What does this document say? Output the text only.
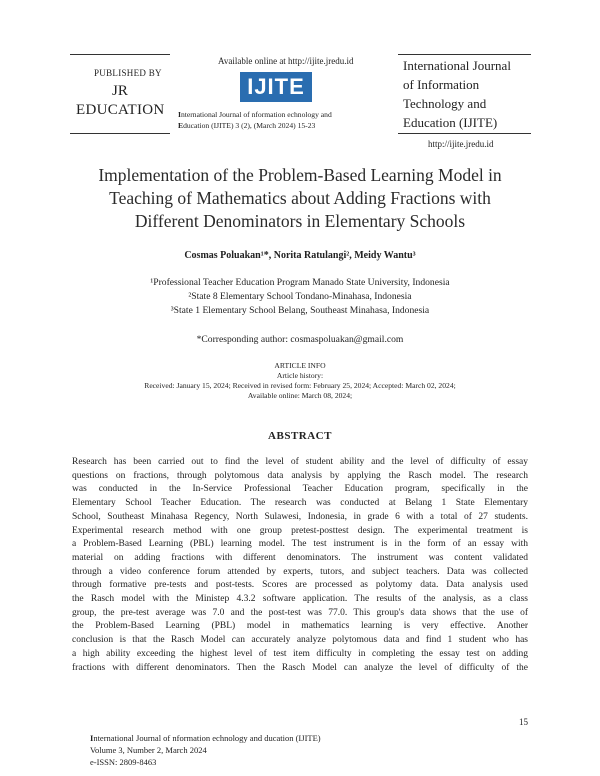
PUBLISHED BY
JR
EDUCATION
Available online at http://ijite.jredu.id
IJITE
International Journal of nformation echnology and
Education (IJITE) 3 (2), (March 2024) 15-23
International Journal
of Information
Technology and
Education (IJITE)
http://ijite.jredu.id
Implementation of the Problem-Based Learning Model in
Teaching of Mathematics about Adding Fractions with
Different Denominators in Elementary Schools
Cosmas Poluakan¹*, Norita Ratulangi², Meidy Wantu³
¹Professional Teacher Education Program Manado State University, Indonesia
²State 8 Elementary School Tondano-Minahasa, Indonesia
³State 1 Elementary School Belang, Southeast Minahasa, Indonesia
*Corresponding author: cosmaspoluakan@gmail.com
ARTICLE INFO
Article history:
Received: January 15, 2024; Received in revised form: February 25, 2024; Accepted: March 02, 2024;
Available online: March 08, 2024;
ABSTRACT
Research has been carried out to find the level of student ability and the level of difficulty of essay
questions on fractions, through polytomous data analysis by applying the Rasch model. The research
was conducted in the In-Service Professional Teacher Education program, specifically in the
Elementary School Teacher Education. The research was conducted at Belang 1 State Elementary
School, Southeast Minahasa Regency, North Sulawesi, Indonesia, in grade 6 with a total of 27 students.
Experimental research method with one group pretest-posttest design. The experimental treatment is
a Problem-Based Learning (PBL) learning model. The test instrument is in the form of an essay with
material on adding fractions with different denominators. The instrument was content validated
through a video conference forum attended by experts, tutors, and subject teachers. Data was collected
through formative pre-tests and post-tests. Scores are processed as polytomy data. Data analysis used
the Rasch model with the Ministep 4.3.2 software application. The results of the analysis, as a class
group, the pre-test average was 7.0 and the post-test was 77.0. This group's data shows that the use of
the Problem-Based Learning (PBL) model in mathematics learning is very effective. Another
conclusion is that the Rasch Model can accurately analyze polytomous data and find 1 student who has
a high ability exceeding the highest level of test item difficulty in completing the essay test on adding
fractions with different denominators. Then the Rasch Model can analyze the level of difficulty of the
15
International Journal of nformation echnology and ducation (IJITE)
Volume 3, Number 2, March 2024
e-ISSN: 2809-8463
